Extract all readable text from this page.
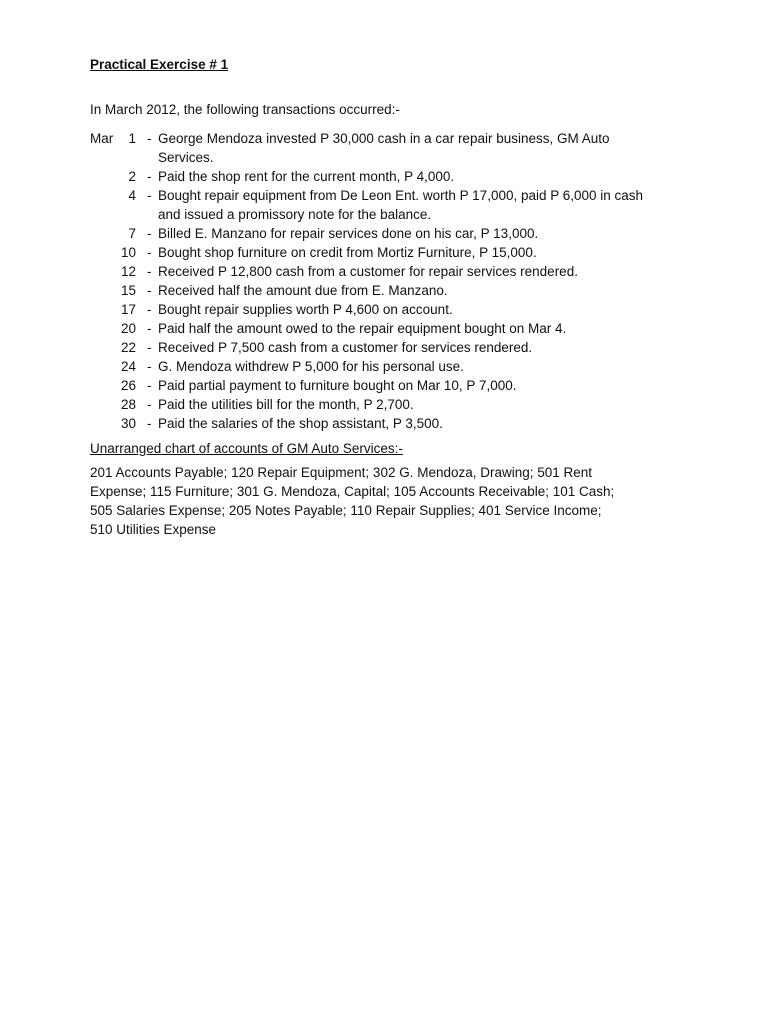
Practical Exercise # 1
In March 2012, the following transactions occurred:-
Mar	1 - George Mendoza invested P 30,000 cash in a car repair business, GM Auto Services.
2 - Paid the shop rent for the current month, P 4,000.
4 - Bought repair equipment from De Leon Ent. worth P 17,000, paid P 6,000 in cash and issued a promissory note for the balance.
7 - Billed E. Manzano for repair services done on his car, P 13,000.
10 - Bought shop furniture on credit from Mortiz Furniture, P 15,000.
12 - Received P 12,800 cash from a customer for repair services rendered.
15 - Received half the amount due from E. Manzano.
17 - Bought repair supplies worth P 4,600 on account.
20 - Paid half the amount owed to the repair equipment bought on Mar 4.
22 - Received P 7,500 cash from a customer for services rendered.
24 - G. Mendoza withdrew P 5,000 for his personal use.
26 - Paid partial payment to furniture bought on Mar 10, P 7,000.
28 - Paid the utilities bill for the month, P 2,700.
30 - Paid the salaries of the shop assistant, P 3,500.
Unarranged chart of accounts of GM Auto Services:-
201 Accounts Payable; 120 Repair Equipment; 302 G. Mendoza, Drawing; 501 Rent
Expense; 115 Furniture; 301 G. Mendoza, Capital; 105 Accounts Receivable; 101 Cash;
505 Salaries Expense; 205 Notes Payable; 110 Repair Supplies; 401 Service Income;
510 Utilities Expense
